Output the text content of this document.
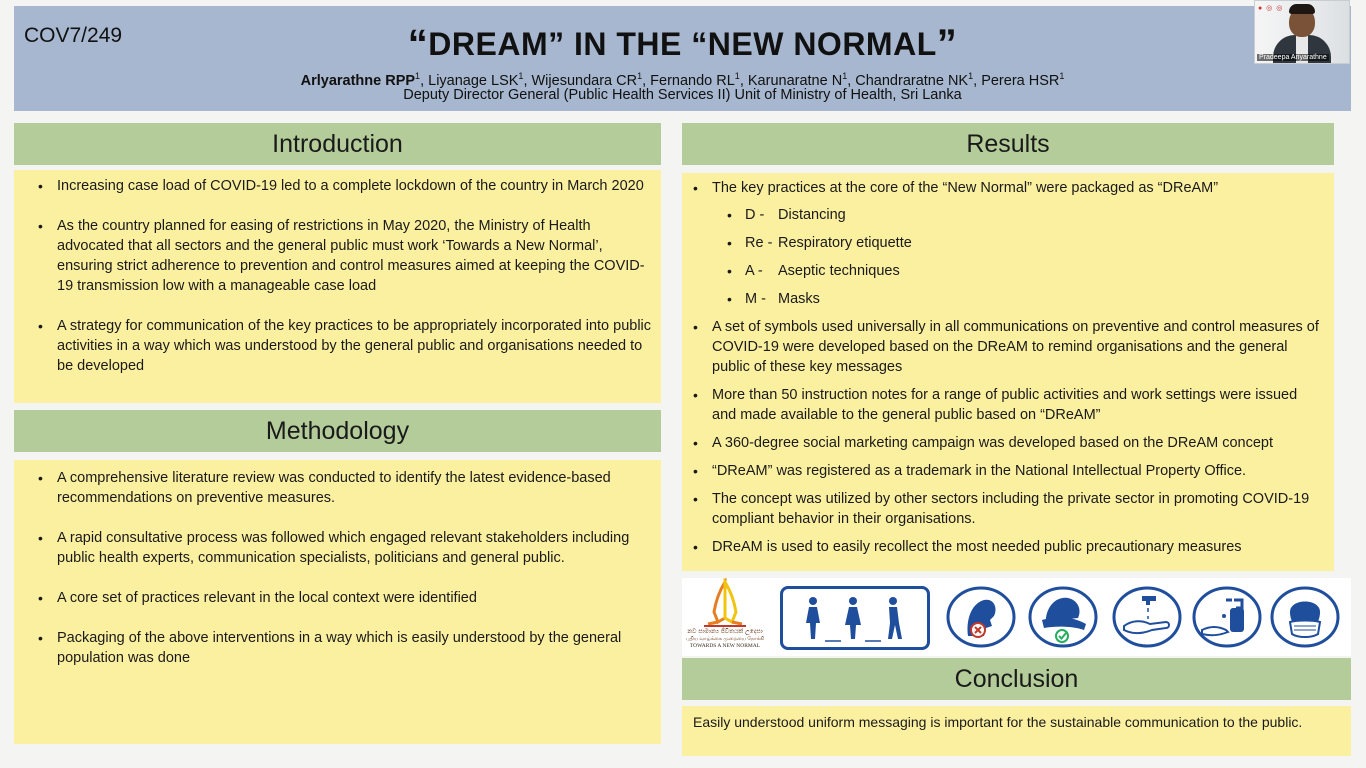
COV7/249	“DREAM” IN THE “NEW NORMAL”
Arlyarathne RPP$^1$, Liyanage LSK$^1$, Wijesundara $CR^1$, Fernando $RL^1$, Karunaratne $N^1$, Chandraratne $NK^1$, Perera HSR$^1$
Deputy Director General (Public Health Services II) Unit of Ministry of Health, Sri Lanka
● ◎ ◎
Pradeepa Ariyarathne
Introduction
• Increasing case load of COVID-19 led to a complete lockdown of the country in March 2020
• As the country planned for easing of restrictions in May 2020, the Ministry of Health advocated that all sectors and the general public must work ‘Towards a New Normal’, ensuring strict adherence to prevention and control measures aimed at keeping the COVID-19 transmission low with a manageable case load
• A strategy for communication of the key practices to be appropriately incorporated into public activities in a way which was understood by the general public and organisations needed to be developed
Methodology
• A comprehensive literature review was conducted to identify the latest evidence-based recommendations on preventive measures.
• A rapid consultative process was followed which engaged relevant stakeholders including public health experts, communication specialists, politicians and general public.
• A core set of practices relevant in the local context were identified
• Packaging of the above interventions in a way which is easily understood by the general population was done
Results
• The key practices at the core of the “New Normal” were packaged as “DReAM”
• D - Distancing
• Re - Respiratory etiquette
• A - Aseptic techniques
• M - Masks
• A set of symbols used universally in all communications on preventive and control measures of COVID-19 were developed based on the DReAM to remind organisations and the general public of these key messages
• More than 50 instruction notes for a range of public activities and work settings were issued and made available to the general public based on “DReAM”
• A 360-degree social marketing campaign was developed based on the DReAM concept
• “DReAM” was registered as a trademark in the National Intellectual Property Office.
• The concept was utilized by other sectors including the private sector in promoting COVID-19 compliant behavior in their organisations.
• DReAM is used to easily recollect the most needed public precautionary measures
නව සාමාන්‍ය ජීවිතයක් උදෙසා
புதிய வாழ்க்கை முறையை நோக்கி
TOWARDS A NEW NORMAL
Conclusion

Easily understood uniform messaging is important for the sustainable communication to the public.
